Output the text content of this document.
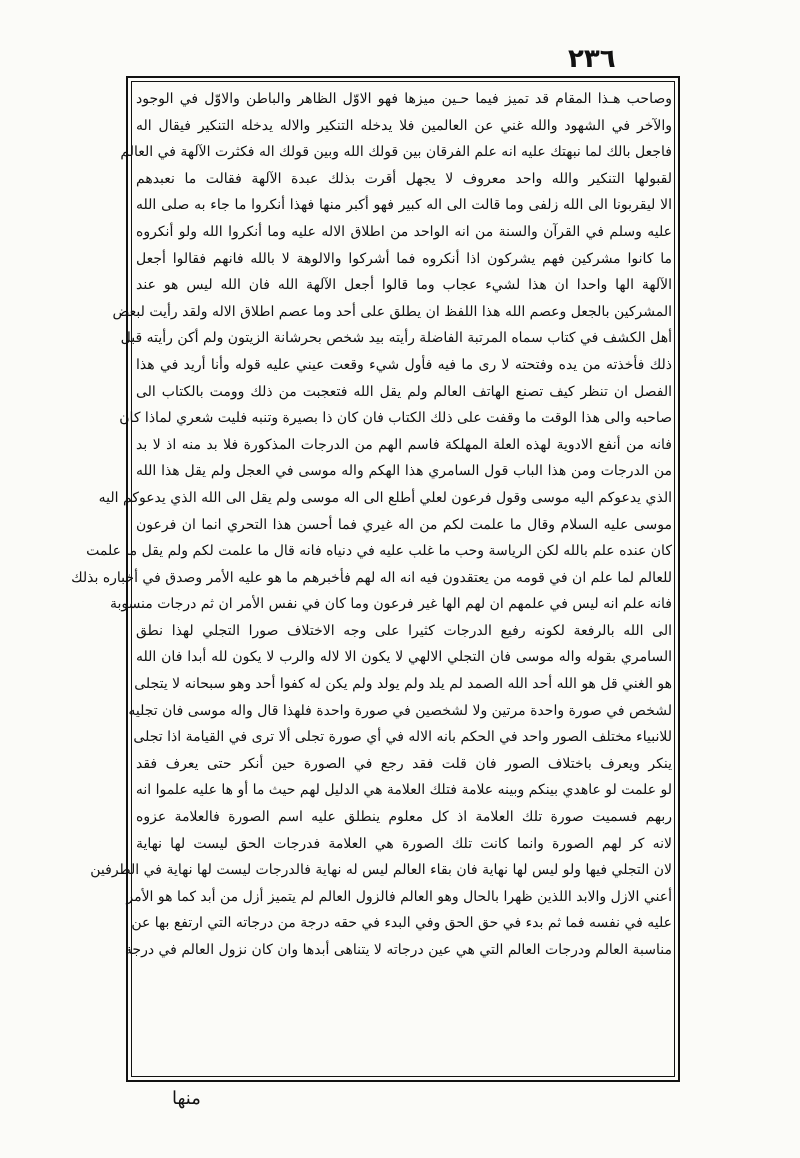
٢٣٦
وصاحب هـذا المقام قد تميز فيما حـين ميزها فهو الاوّل الظاهر والباطن والاوّل في الوجود
والآخر في الشهود والله غني عن العالمين فلا يدخله التنكير والاله يدخله التنكير فيقال اله
فاجعل بالك لما نبهتك عليه انه علم الفرقان بين قولك الله وبين قولك اله فكثرت الآلهة في العالم
لقبولها التنكير والله واحد معروف لا يجهل أقرت بذلك عبدة الآلهة فقالت ما نعبدهم
الا ليقربونا الى الله زلفى وما قالت الى اله كبير فهو أكبر منها فهذا أنكروا ما جاء به صلى الله
عليه وسلم في القرآن والسنة من انه الواحد من اطلاق الاله عليه وما أنكروا الله ولو أنكروه
ما كانوا مشركين فهم يشركون اذا أنكروه فما أشركوا والالوهة لا بالله فانهم فقالوا أجعل
الآلهة الها واحدا ان هذا لشيء عجاب وما قالوا أجعل الآلهة الله فان الله ليس هو عند
المشركين بالجعل وعصم الله هذا اللفظ ان يطلق على أحد وما عصم اطلاق الاله ولقد رأيت لبعض
أهل الكشف في كتاب سماه المرتبة الفاضلة رأيته بيد شخص بحرشانة الزيتون ولم أكن رأيته قبل
ذلك فأخذته من يده وفتحته لا رى ما فيه فأول شيء وقعت عيني عليه قوله وأنا أريد في هذا
الفصل ان تنظر كيف تصنع الهاتف العالم ولم يقل الله فتعجبت من ذلك وومت بالكتاب الى
صاحبه والى هذا الوقت ما وقفت على ذلك الكتاب فان كان ذا بصيرة وتنبه فليت شعري لماذا كان
فانه من أنفع الادوية لهذه العلة المهلكة فاسم الهم من الدرجات المذكورة فلا بد منه اذ لا بد
من الدرجات ومن هذا الباب قول السامري هذا الهكم واله موسى في العجل ولم يقل هذا الله
الذي يدعوكم اليه موسى وقول فرعون لعلي أطلع الى اله موسى ولم يقل الى الله الذي يدعوكم اليه
موسى عليه السلام وقال ما علمت لكم من اله غيري فما أحسن هذا التحري انما ان فرعون
كان عنده علم بالله لكن الرياسة وحب ما غلب عليه في دنياه فانه قال ما علمت لكم ولم يقل ما علمت
للعالم لما علم ان في قومه من يعتقدون فيه انه اله لهم فأخبرهم ما هو عليه الأمر وصدق في أخباره بذلك
فانه علم انه ليس في علمهم ان لهم الها غير فرعون وما كان في نفس الأمر ان ثم درجات منسوبة
الى الله بالرفعة لكونه رفيع الدرجات كثيرا على وجه الاختلاف صورا التجلي لهذا نطق
السامري بقوله واله موسى فان التجلي الالهي لا يكون الا لاله والرب لا يكون لله أبدا فان الله
هو الغني قل هو الله أحد الله الصمد لم يلد ولم يولد ولم يكن له كفوا أحد وهو سبحانه لا يتجلى
لشخص في صورة واحدة مرتين ولا لشخصين في صورة واحدة فلهذا قال واله موسى فان تجليه
للانبياء مختلف الصور واحد في الحكم بانه الاله في أي صورة تجلى ألا ترى في القيامة اذا تجلى
ينكر ويعرف باختلاف الصور فان قلت فقد رجع في الصورة حين أنكر حتى يعرف فقد
لو علمت لو عاهدي بينكم وبينه علامة فتلك العلامة هي الدليل لهم حيث ما أو ها عليه علموا انه
ربهم فسميت صورة تلك العلامة اذ كل معلوم ينطلق عليه اسم الصورة فالعلامة عزوه
لانه كر لهم الصورة وانما كانت تلك الصورة هي العلامة فدرجات الحق ليست لها نهاية
لان التجلي فيها ولو ليس لها نهاية فان بقاء العالم ليس له نهاية فالدرجات ليست لها نهاية في الطرفين
أعني الازل والابد اللذين ظهرا بالحال وهو العالم فالزول العالم لم يتميز أزل من أبد كما هو الأمر
عليه في نفسه فما ثم بدء في حق الحق وفي البدء في حقه درجة من درجاته التي ارتفع بها عن
مناسبة العالم ودرجات العالم التي هي عين درجاته لا يتناهى أبدها وان كان نزول العالم في درجة
منها
